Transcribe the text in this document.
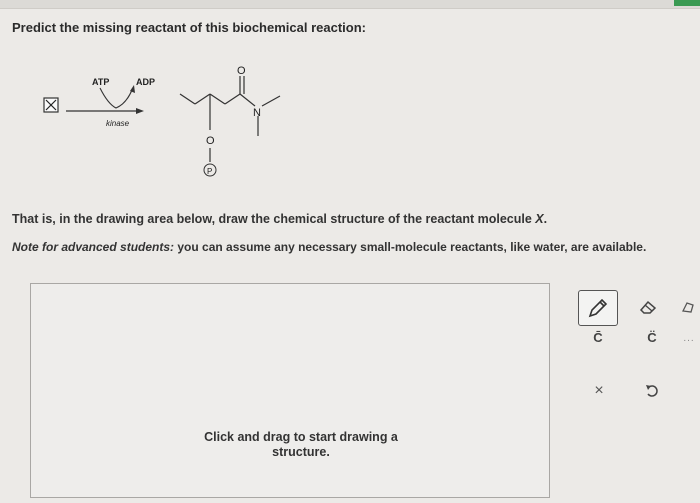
Predict the missing reactant of this biochemical reaction:
ATP	ADP
kinase
O
N
O
P
That is, in the drawing area below, draw the chemical structure of the reactant molecule X.
Note for advanced students: you can assume any necessary small-molecule reactants, like water, are available.
Click and drag to start drawing a
structure.
C̄	C̈	...
×
